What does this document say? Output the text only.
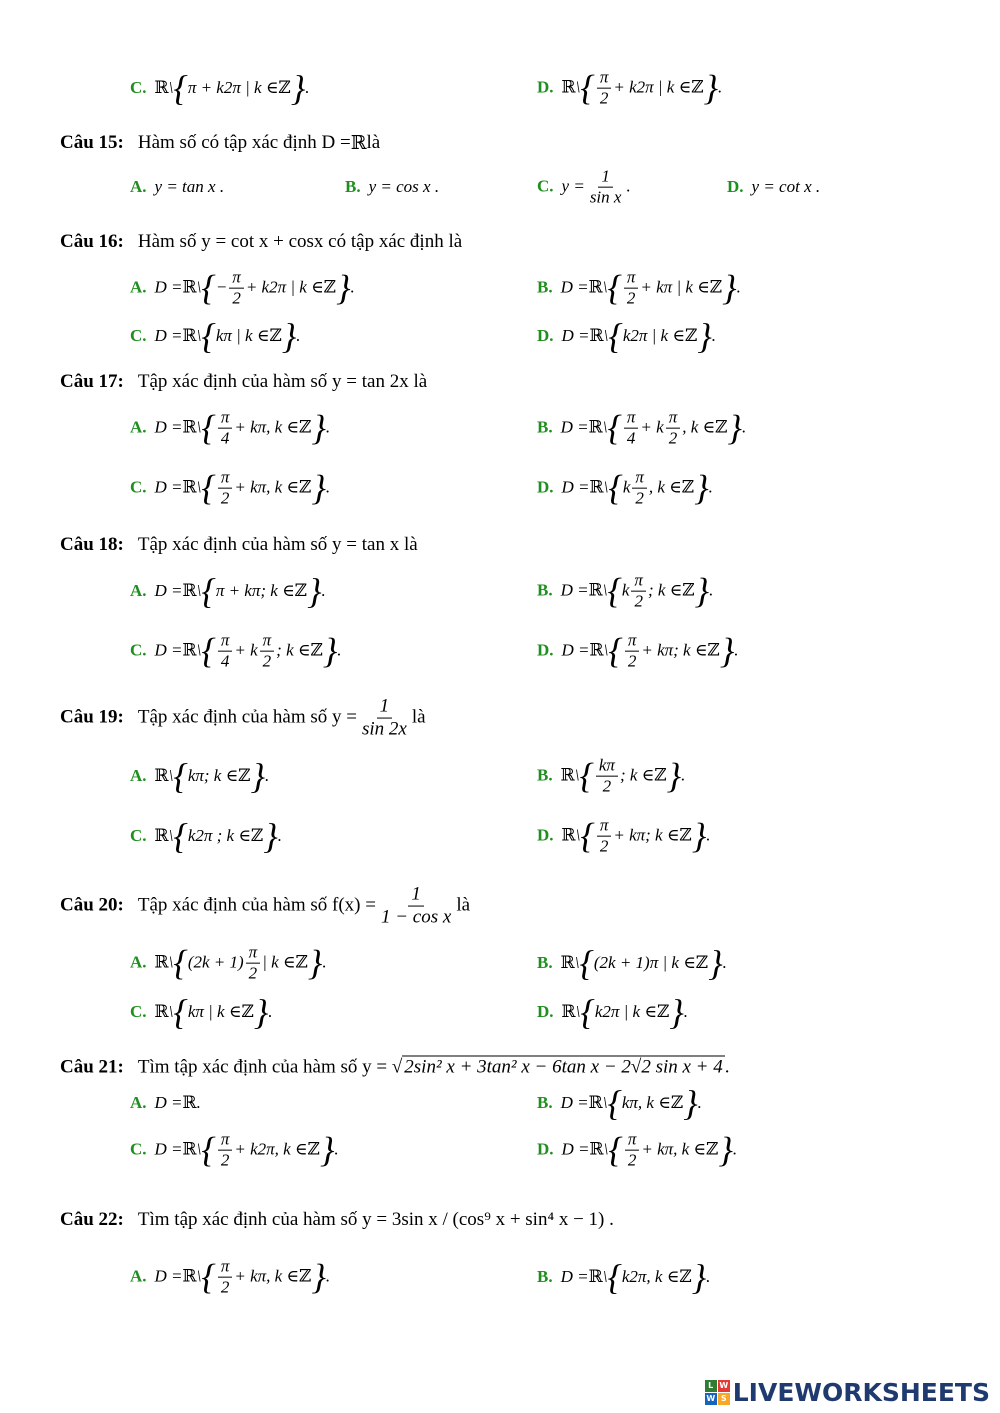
C. ℝ \ { π + k2π | k ∈ ℤ } .	D. ℝ \ { π
2
+ k2π | k ∈ ℤ } .
Câu 15: Hàm số có tập xác định D = ℝ là
A. y = tan x .	B. y = cos x .	C. y =
1
sin x
.	D. y = cot x .
Câu 16: Hàm số y = cot x + cosx có tập xác định là
A. D = ℝ \ { −
π
2
+ k2π | k ∈ ℤ } .	B. D = ℝ \ { π
2
+ kπ | k ∈ ℤ } .
C. D = ℝ \ { kπ | k ∈ ℤ } .	D. D = ℝ \ { k2π | k ∈ ℤ } .
Câu 17: Tập xác định của hàm số y = tan 2x là
A. D = ℝ \ { π
4
+ kπ, k ∈ ℤ } .	B. D = ℝ \ { π
4
+ k
π
2
, k ∈ ℤ } .
C. D = ℝ \ { π
2
+ kπ, k ∈ ℤ } .	D. D = ℝ \ { k
π
2
, k ∈ ℤ } .
Câu 18: Tập xác định của hàm số y = tan x là
A. D = ℝ \ { π + kπ; k ∈ ℤ } .	B. D = ℝ \ { k
π
2
; k ∈ ℤ } .
C. D = ℝ \ { π
4
+ k
π
2
; k ∈ ℤ } .	D. D = ℝ \ { π
2
+ kπ; k ∈ ℤ } .
Câu 19: Tập xác định của hàm số y =
1
sin 2x
là
A. ℝ \ { kπ; k ∈ ℤ } .	B. ℝ \ { kπ
2
; k ∈ ℤ } .
C. ℝ \ { k2π ; k ∈ ℤ } .	D. ℝ \ { π
2
+ kπ; k ∈ ℤ } .
Câu 20: Tập xác định của hàm số f(x) =
1
1 − cos x
là
A. ℝ \ { (2k + 1)
π
2
| k ∈ ℤ } .	B. ℝ \ { (2k + 1)π | k ∈ ℤ } .
C. ℝ \ { kπ | k ∈ ℤ } .	D. ℝ \ { k2π | k ∈ ℤ } .
Câu 21: Tìm tập xác định của hàm số y = √ 2sin² x + 3tan² x − 6tan x − 2√2 sin x + 4 .
A. D = ℝ .	B. D = ℝ \ { kπ, k ∈ ℤ } .
C. D = ℝ \ { π
2
+ k2π, k ∈ ℤ } .	D. D = ℝ \ { π
2
+ kπ, k ∈ ℤ } .
Câu 22: Tìm tập xác định của hàm số y = 3sin x / (cos⁹ x + sin⁴ x − 1) .
A. D = ℝ \ { π
2
+ kπ, k ∈ ℤ } .	B. D = ℝ \ { k2π, k ∈ ℤ } .
L W
W S LIVEWORKSHEETS
